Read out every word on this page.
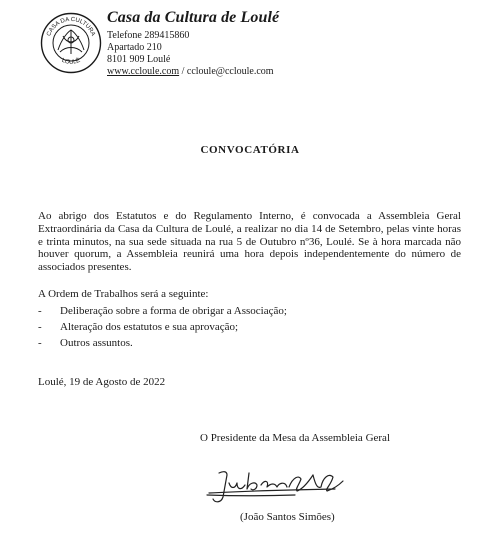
CASA DA CULTURA
LOULÉ
Casa da Cultura de Loulé
Telefone 289415860
Apartado 210
8101 909 Loulé
www.ccloule.com / ccloule@ccloule.com
CONVOCATÓRIA
Ao abrigo dos Estatutos e do Regulamento Interno, é convocada a Assembleia Geral Extraordinária da Casa da Cultura de Loulé, a realizar no dia 14 de Setembro, pelas vinte horas e trinta minutos, na sua sede situada na rua 5 de Outubro nº36, Loulé. Se à hora marcada não houver quorum, a Assembleia reunirá uma hora depois independentemente do número de associados presentes.
A Ordem de Trabalhos será a seguinte:
-	Deliberação sobre a forma de obrigar a Associação;
-	Alteração dos estatutos e sua aprovação;
-	Outros assuntos.
Loulé, 19 de Agosto de 2022
O Presidente da Mesa da Assembleia Geral
(João Santos Simões)
